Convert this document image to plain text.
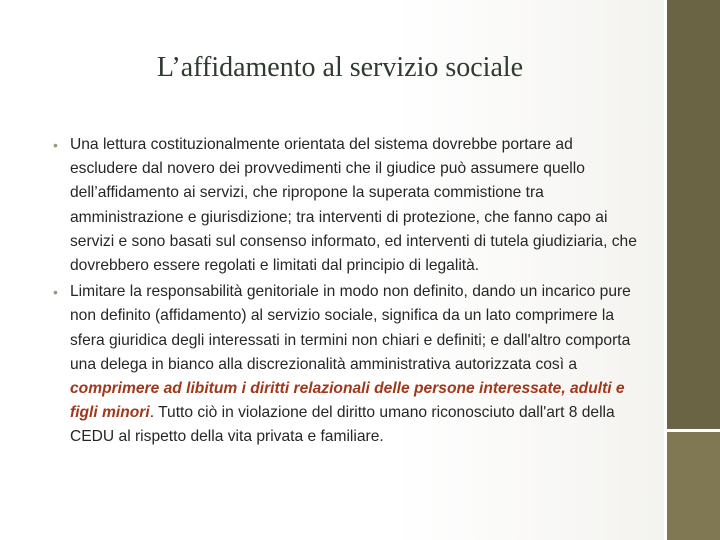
L’affidamento al servizio sociale

• Una lettura costituzionalmente orientata del sistema dovrebbe portare ad escludere dal novero dei provvedimenti che il giudice può assumere quello dell’affidamento ai servizi, che ripropone la superata commistione tra amministrazione e giurisdizione; tra interventi di protezione, che fanno capo ai servizi e sono basati sul consenso informato, ed interventi di tutela giudiziaria, che dovrebbero essere regolati e limitati dal principio di legalità.

• Limitare la responsabilità genitoriale in modo non definito, dando un incarico pure non definito (affidamento) al servizio sociale, significa da un lato comprimere la sfera giuridica degli interessati in termini non chiari e definiti; e dall'altro comporta una delega in bianco alla discrezionalità amministrativa autorizzata così a comprimere ad libitum i diritti relazionali delle persone interessate, adulti e figli minori. Tutto ciò in violazione del diritto umano riconosciuto dall'art 8 della CEDU al rispetto della vita privata e familiare.
